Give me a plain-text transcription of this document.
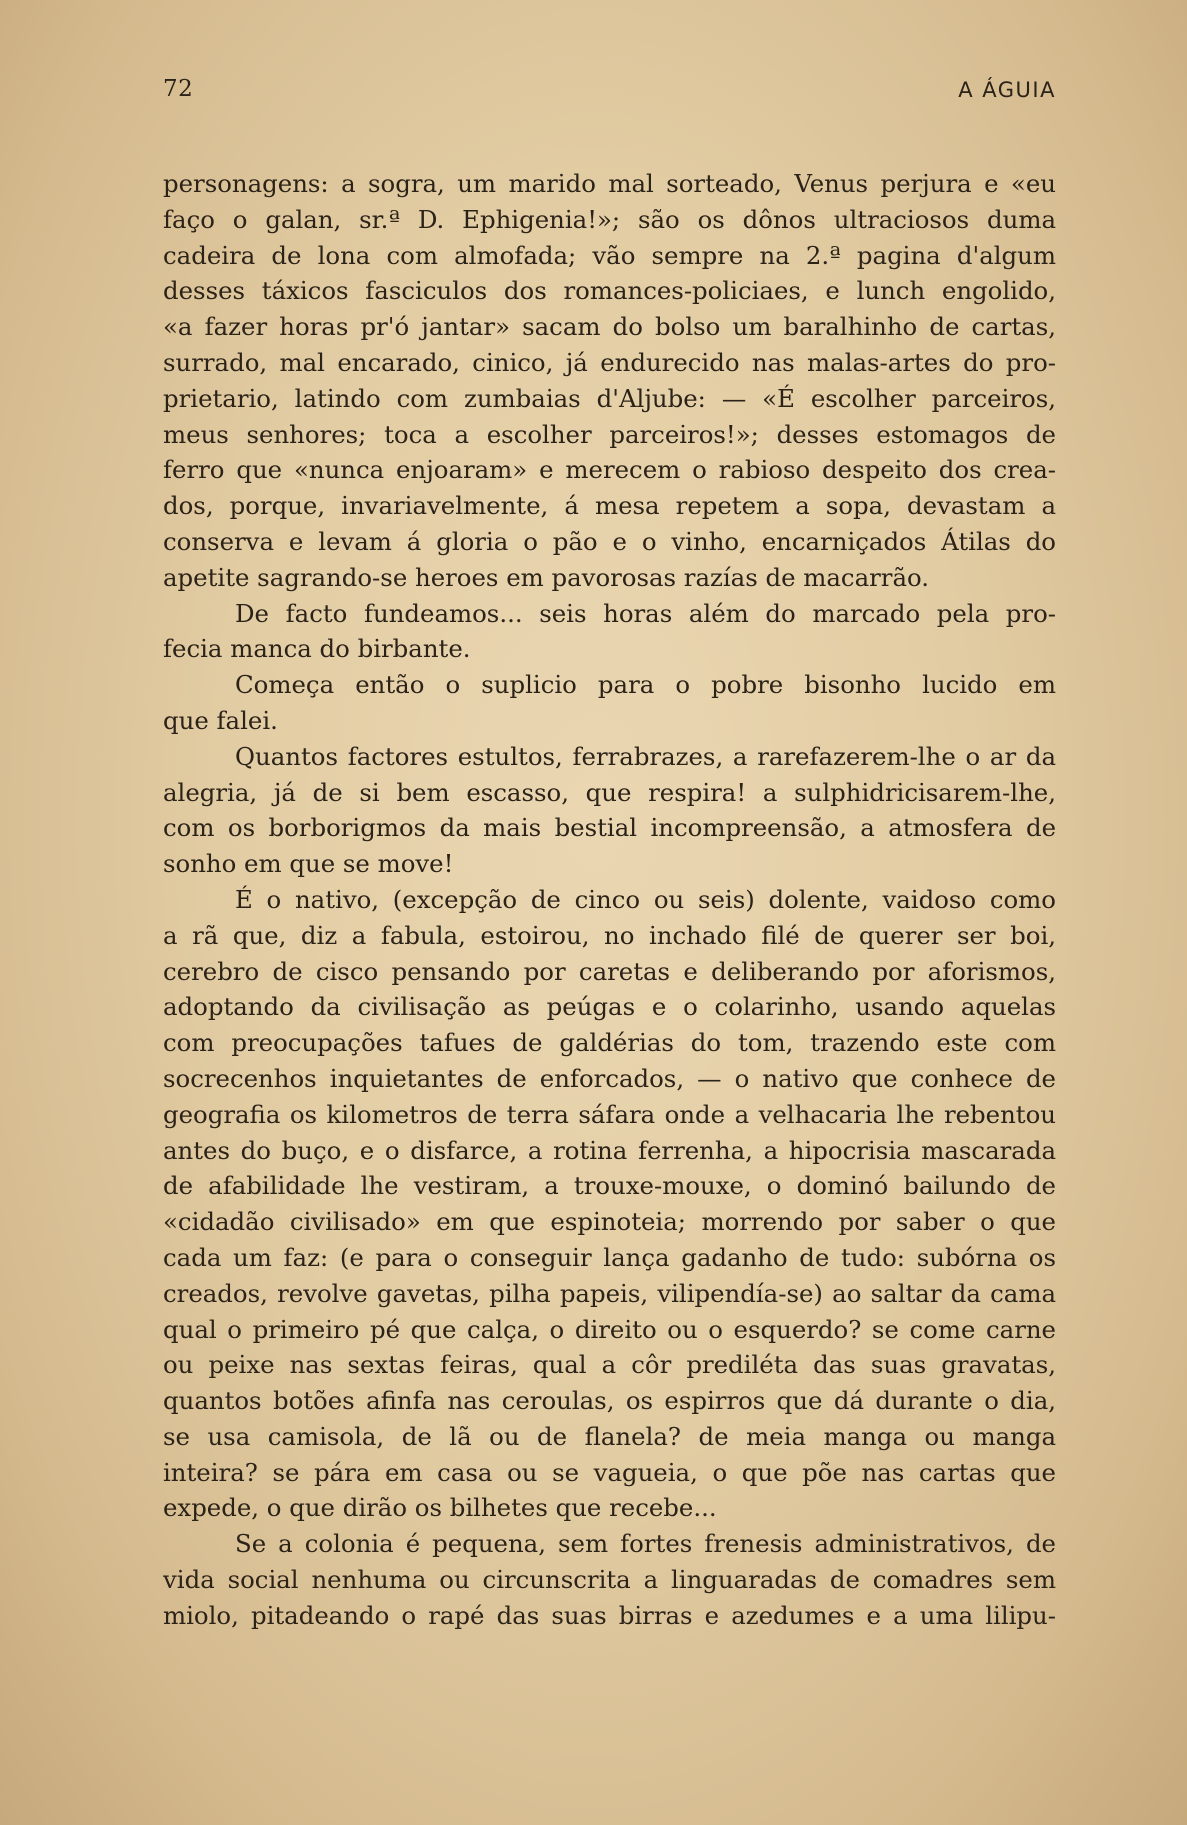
72	A ÁGUIA
personagens: a sogra, um marido mal sorteado, Venus perjura e «eu
faço o galan, sr.ª D. Ephigenia!»; são os dônos ultraciosos duma
cadeira de lona com almofada; vão sempre na 2.ª pagina d'algum
desses táxicos fasciculos dos romances-policiaes, e lunch engolido,
«a fazer horas pr'ó jantar» sacam do bolso um baralhinho de cartas,
surrado, mal encarado, cinico, já endurecido nas malas-artes do pro-
prietario, latindo com zumbaias d'Aljube: — «É escolher parceiros,
meus senhores; toca a escolher parceiros!»; desses estomagos de
ferro que «nunca enjoaram» e merecem o rabioso despeito dos crea-
dos, porque, invariavelmente, á mesa repetem a sopa, devastam a
conserva e levam á gloria o pão e o vinho, encarniçados Átilas do
apetite sagrando-se heroes em pavorosas razías de macarrão.
De facto fundeamos... seis horas além do marcado pela pro-
fecia manca do birbante.
Começa então o suplicio para o pobre bisonho lucido em
que falei.
Quantos factores estultos, ferrabrazes, a rarefazerem-lhe o ar da
alegria, já de si bem escasso, que respira! a sulphidricisarem-lhe,
com os borborigmos da mais bestial incompreensão, a atmosfera de
sonho em que se move!
É o nativo, (excepção de cinco ou seis) dolente, vaidoso como
a rã que, diz a fabula, estoirou, no inchado filé de querer ser boi,
cerebro de cisco pensando por caretas e deliberando por aforismos,
adoptando da civilisação as peúgas e o colarinho, usando aquelas
com preocupações tafues de galdérias do tom, trazendo este com
socrecenhos inquietantes de enforcados, — o nativo que conhece de
geografia os kilometros de terra sáfara onde a velhacaria lhe rebentou
antes do buço, e o disfarce, a rotina ferrenha, a hipocrisia mascarada
de afabilidade lhe vestiram, a trouxe-mouxe, o dominó bailundo de
«cidadão civilisado» em que espinoteia; morrendo por saber o que
cada um faz: (e para o conseguir lança gadanho de tudo: subórna os
creados, revolve gavetas, pilha papeis, vilipendía-se) ao saltar da cama
qual o primeiro pé que calça, o direito ou o esquerdo? se come carne
ou peixe nas sextas feiras, qual a côr prediléta das suas gravatas,
quantos botões afinfa nas ceroulas, os espirros que dá durante o dia,
se usa camisola, de lã ou de flanela? de meia manga ou manga
inteira? se pára em casa ou se vagueia, o que põe nas cartas que
expede, o que dirão os bilhetes que recebe...
Se a colonia é pequena, sem fortes frenesis administrativos, de
vida social nenhuma ou circunscrita a linguaradas de comadres sem
miolo, pitadeando o rapé das suas birras e azedumes e a uma lilipu-
